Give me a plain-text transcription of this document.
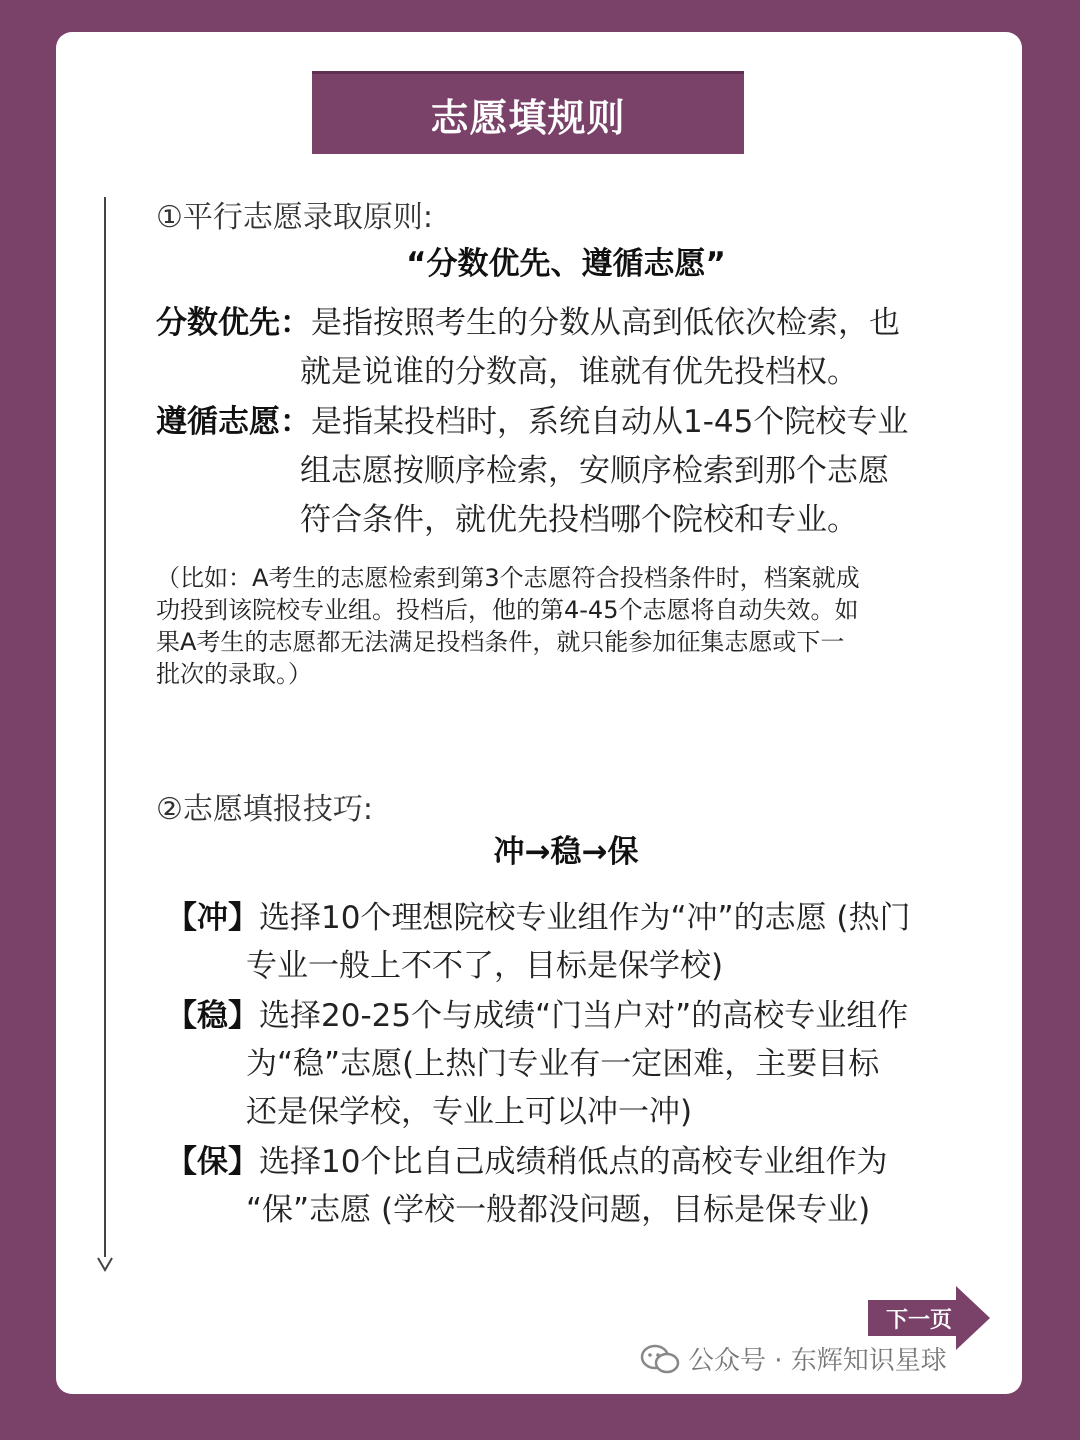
志愿填规则
①平行志愿录取原则:
“分数优先、遵循志愿”
分数优先：是指按照考生的分数从高到低依次检索，也
就是说谁的分数高，谁就有优先投档权。
遵循志愿：是指某投档时，系统自动从1-45个院校专业
组志愿按顺序检索，安顺序检索到那个志愿
符合条件，就优先投档哪个院校和专业。
（比如：A考生的志愿检索到第3个志愿符合投档条件时，档案就成
功投到该院校专业组。投档后，他的第4-45个志愿将自动失效。如
果A考生的志愿都无法满足投档条件，就只能参加征集志愿或下一
批次的录取。）
②志愿填报技巧:
冲→稳→保
【冲】选择10个理想院校专业组作为“冲”的志愿 (热门
专业一般上不不了，目标是保学校)
【稳】选择20-25个与成绩“门当户对”的高校专业组作
为“稳”志愿(上热门专业有一定困难，主要目标
还是保学校，专业上可以冲一冲)
【保】选择10个比自己成绩稍低点的高校专业组作为
“保”志愿 (学校一般都没问题，目标是保专业)
下一页
公众号 · 东辉知识星球
